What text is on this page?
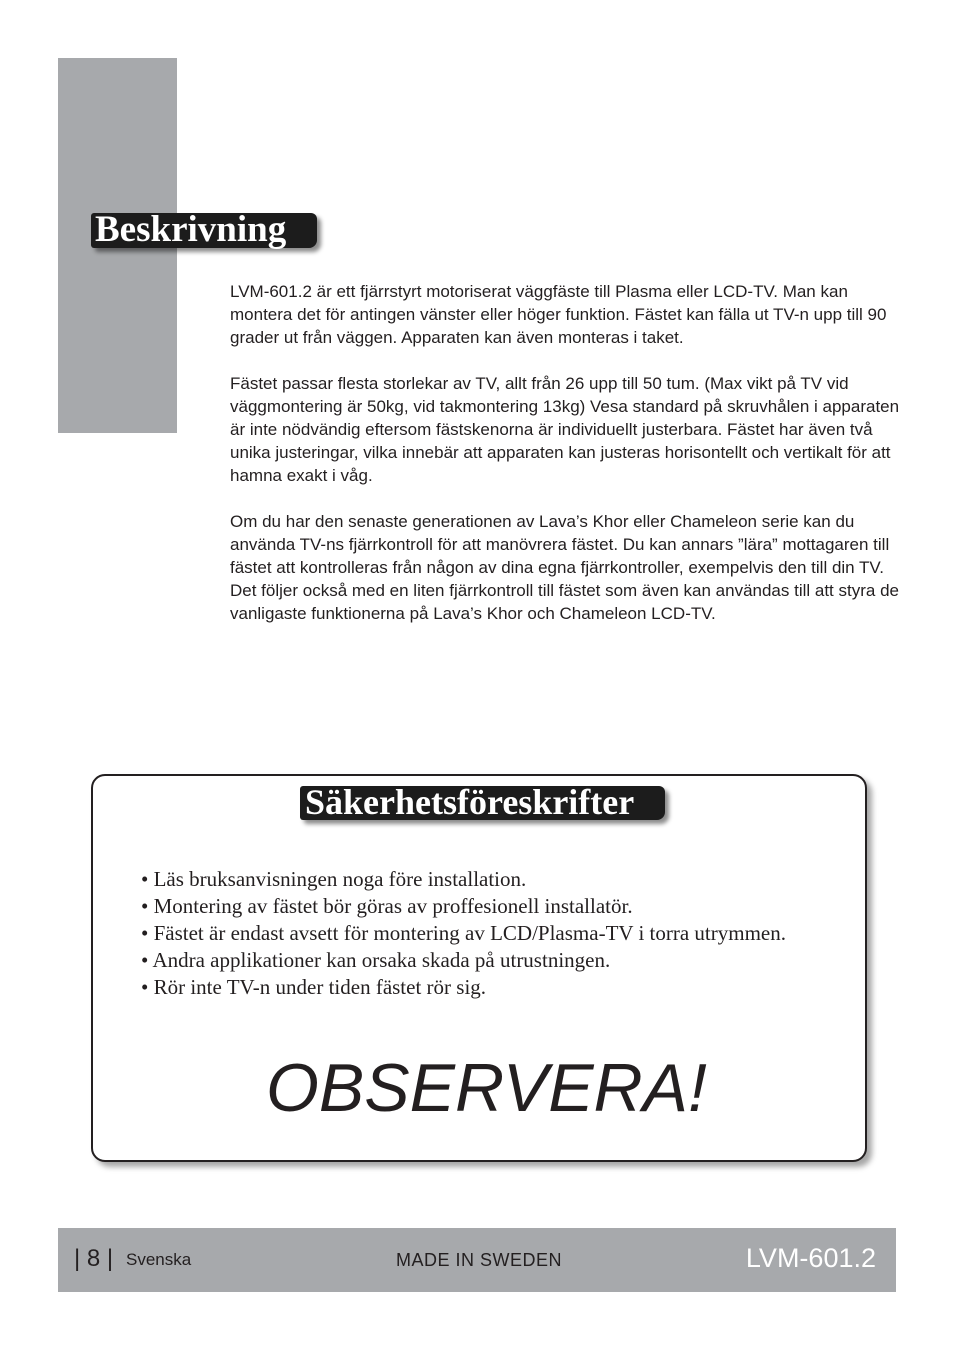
Beskrivning

LVM-601.2 är ett fjärrstyrt motoriserat väggfäste till Plasma eller LCD-TV. Man kan montera det för antingen vänster eller höger funktion. Fästet kan fälla ut TV-n upp till 90 grader ut från väggen. Apparaten kan även monteras i taket.

Fästet passar flesta storlekar av TV, allt från 26 upp till 50 tum. (Max vikt på TV vid väggmontering är 50kg, vid takmontering 13kg) Vesa standard på skruvhålen i apparaten är inte nödvändig eftersom fästskenorna är individuellt justerbara. Fästet har även två unika justeringar, vilka innebär att apparaten kan justeras horisontellt och vertikalt för att hamna exakt i våg.

Om du har den senaste generationen av Lava’s Khor eller Chameleon serie kan du använda TV-ns fjärrkontroll för att manövrera fästet. Du kan annars ”lära” mottagaren till fästet att kontrolleras från någon av dina egna fjärrkontroller, exempelvis den till din TV. Det följer också med en liten fjärrkontroll till fästet som även kan användas till att styra de vanligaste funktionerna på Lava’s Khor och Chameleon LCD-TV.

Säkerhetsföreskrifter
• Läs bruksanvisningen noga före installation.
• Montering av fästet bör göras av proffesionell installatör.
• Fästet är endast avsett för montering av LCD/Plasma-TV i torra utrymmen.
• Andra applikationer kan orsaka skada på utrustningen.
• Rör inte TV-n under tiden fästet rör sig.
OBSERVERA!
| 8 | Svenska	MADE IN SWEDEN	LVM-601.2
